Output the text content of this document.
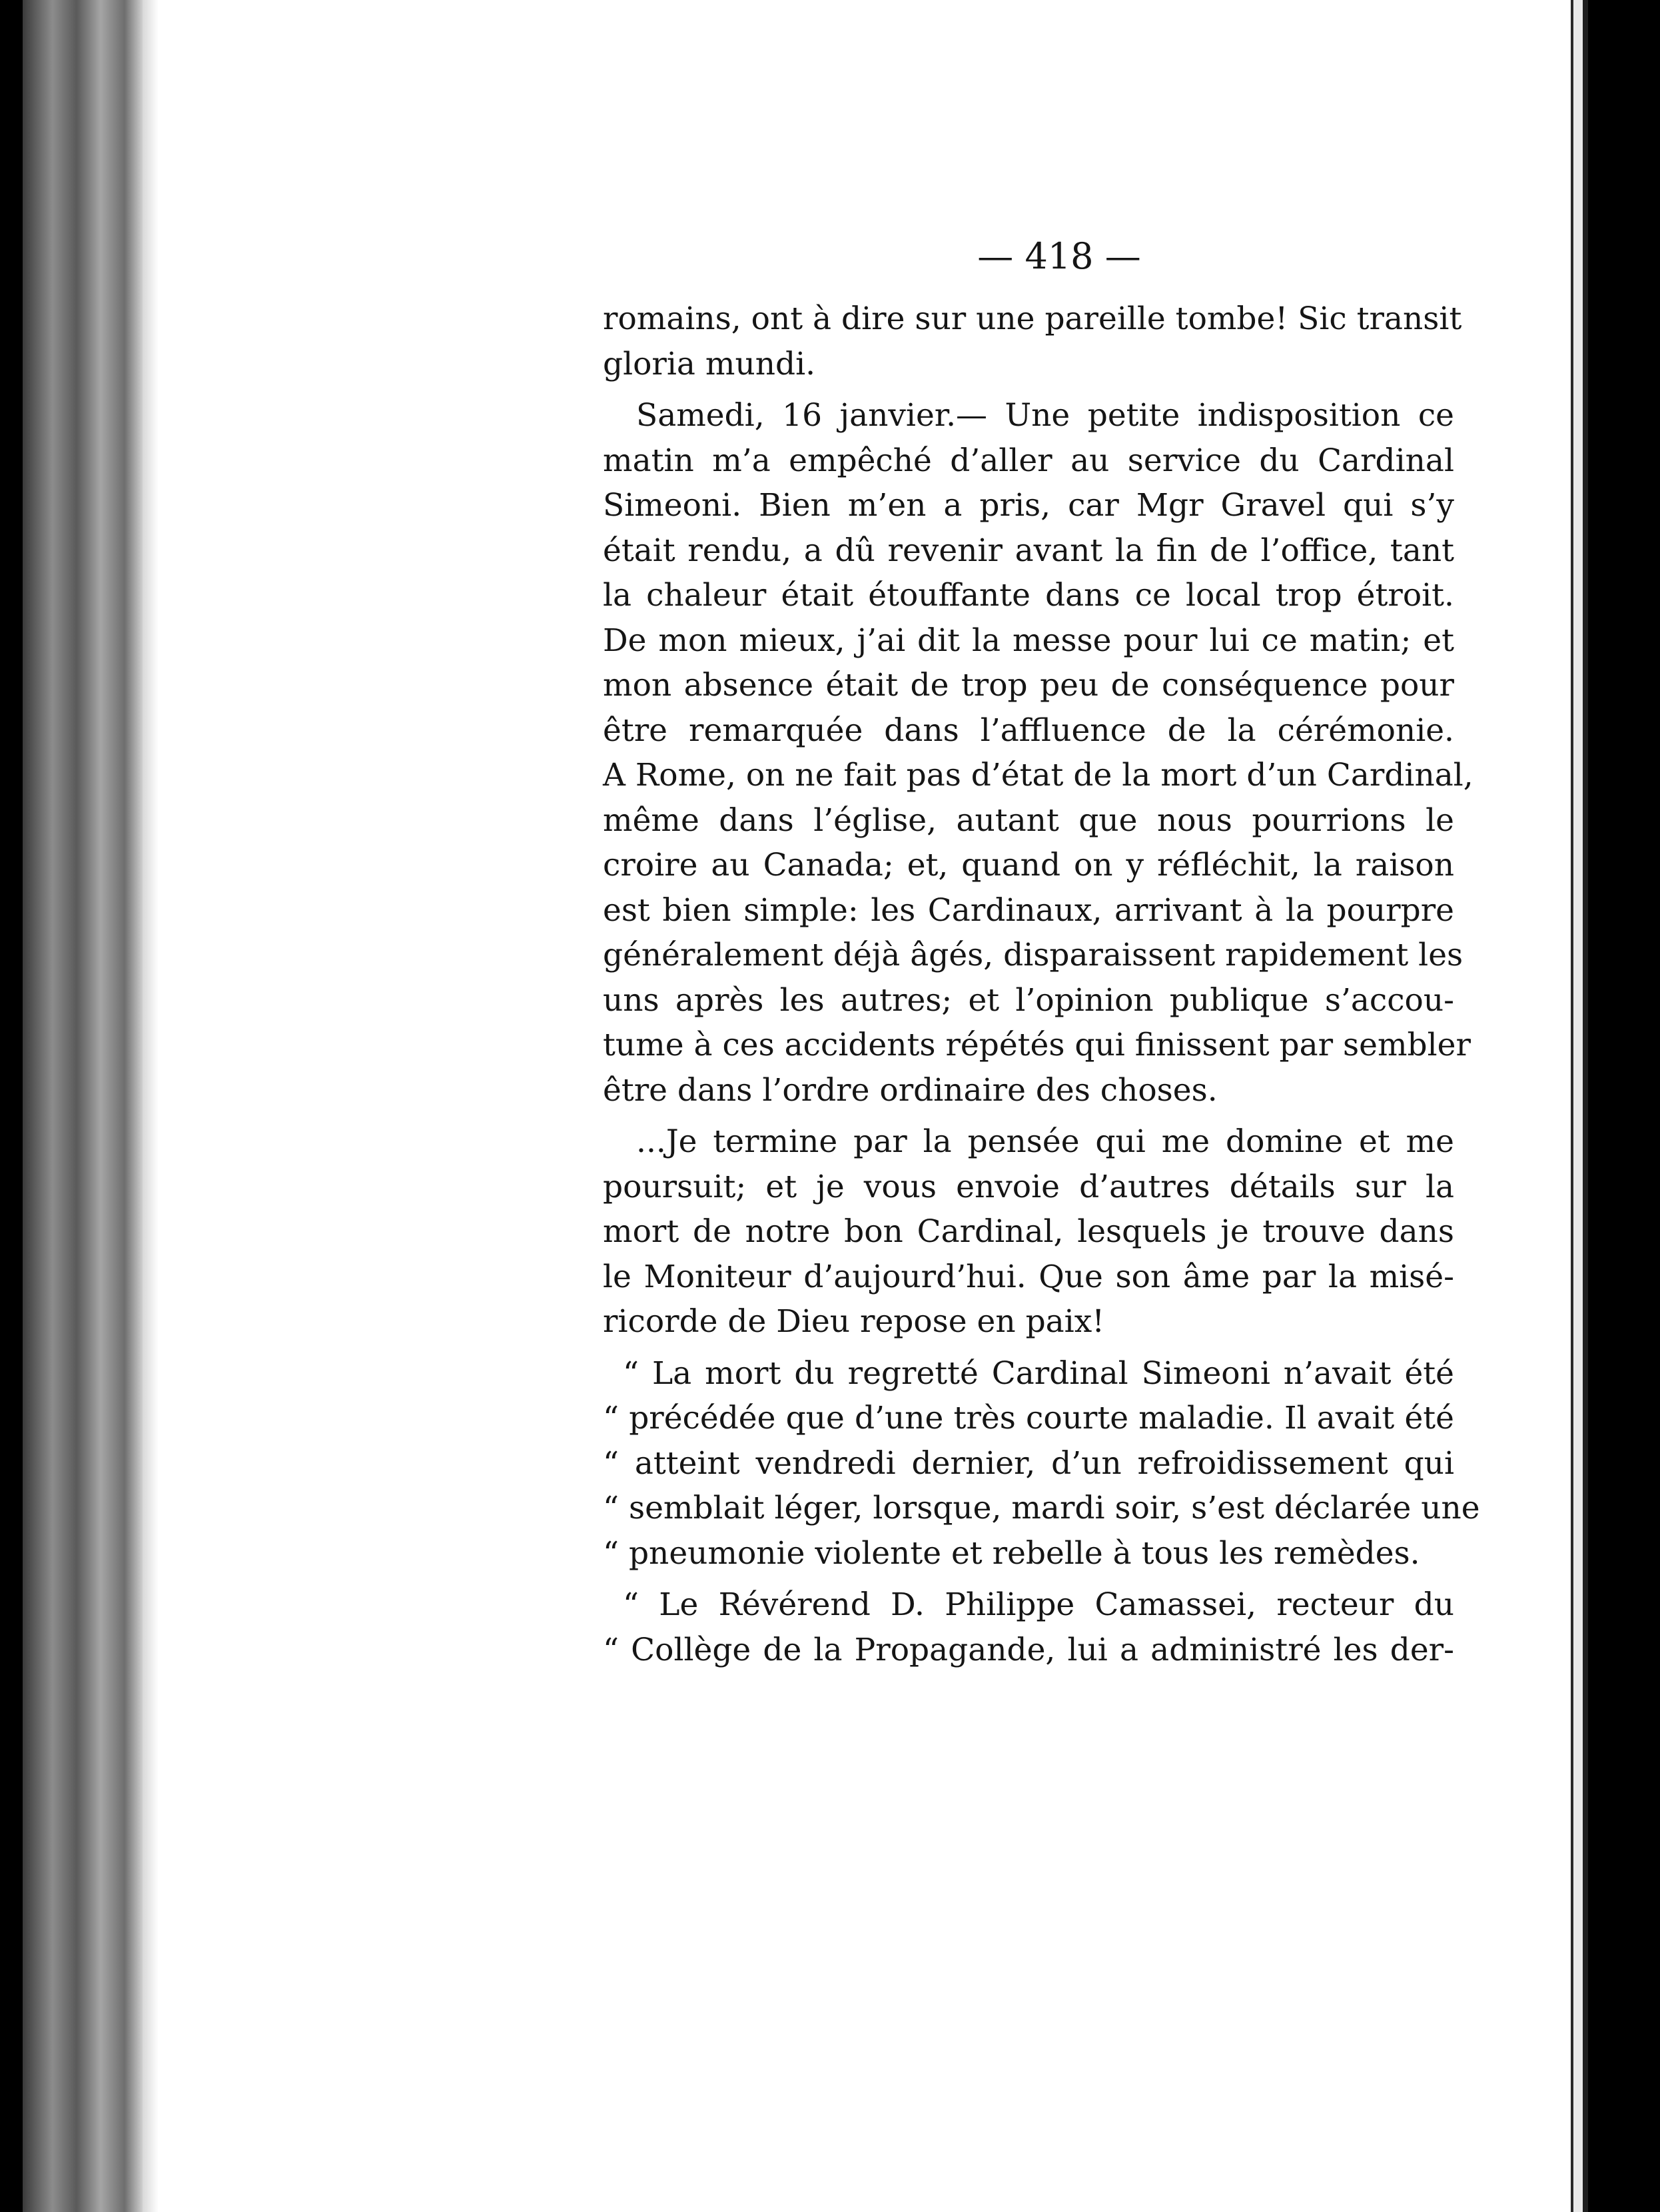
— 418 —
romains, ont à dire sur une pareille tombe! Sic transit
gloria mundi.
Samedi, 16 janvier.— Une petite indisposition ce
matin m’a empêché d’aller au service du Cardinal
Simeoni. Bien m’en a pris, car Mgr Gravel qui s’y
était rendu, a dû revenir avant la fin de l’office, tant
la chaleur était étouffante dans ce local trop étroit.
De mon mieux, j’ai dit la messe pour lui ce matin; et
mon absence était de trop peu de conséquence pour
être remarquée dans l’affluence de la cérémonie.
A Rome, on ne fait pas d’état de la mort d’un Cardinal,
même dans l’église, autant que nous pourrions le
croire au Canada; et, quand on y réfléchit, la raison
est bien simple: les Cardinaux, arrivant à la pourpre
généralement déjà âgés, disparaissent rapidement les
uns après les autres; et l’opinion publique s’accou-
tume à ces accidents répétés qui finissent par sembler
être dans l’ordre ordinaire des choses.
...Je termine par la pensée qui me domine et me
poursuit; et je vous envoie d’autres détails sur la
mort de notre bon Cardinal, lesquels je trouve dans
le Moniteur d’aujourd’hui. Que son âme par la misé-
ricorde de Dieu repose en paix!
“ La mort du regretté Cardinal Simeoni n’avait été
“ précédée que d’une très courte maladie. Il avait été
“ atteint vendredi dernier, d’un refroidissement qui
“ semblait léger, lorsque, mardi soir, s’est déclarée une
“ pneumonie violente et rebelle à tous les remèdes.
“ Le Révérend D. Philippe Camassei, recteur du
“ Collège de la Propagande, lui a administré les der-
